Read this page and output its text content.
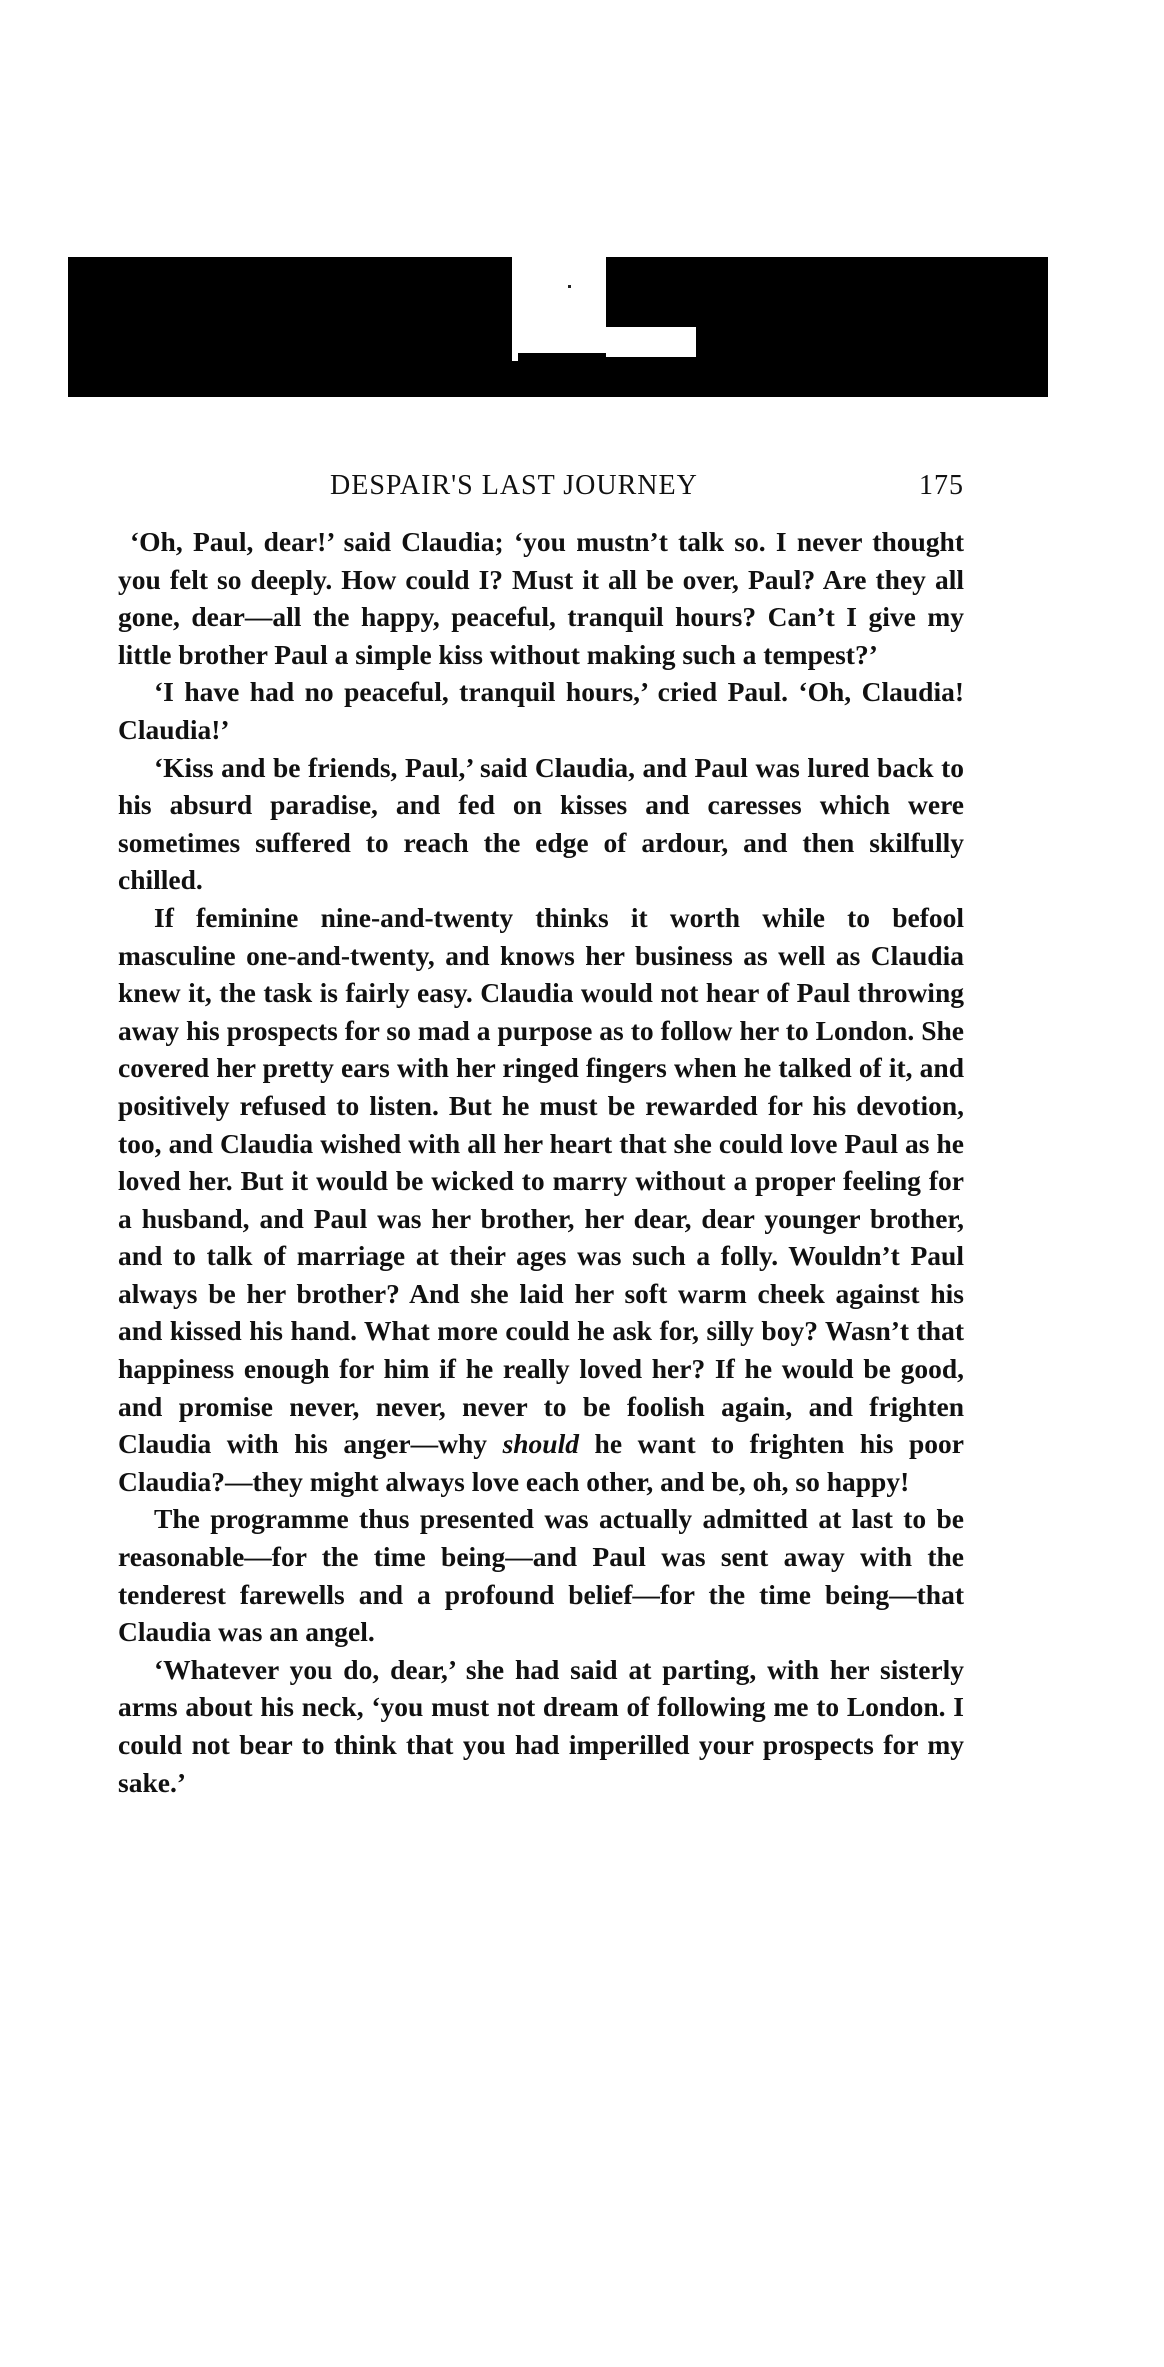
DESPAIR'S LAST JOURNEY	175

‘Oh, Paul, dear!’ said Claudia; ‘you mustn’t talk so. I never thought you felt so deeply. How could I? Must it all be over, Paul? Are they all gone, dear—all the happy, peaceful, tranquil hours? Can’t I give my little brother Paul a simple kiss without making such a tempest?’

‘I have had no peaceful, tranquil hours,’ cried Paul. ‘Oh, Claudia! Claudia!’

‘Kiss and be friends, Paul,’ said Claudia, and Paul was lured back to his absurd paradise, and fed on kisses and caresses which were sometimes suffered to reach the edge of ardour, and then skilfully chilled.

If feminine nine-and-twenty thinks it worth while to befool masculine one-and-twenty, and knows her business as well as Claudia knew it, the task is fairly easy. Claudia would not hear of Paul throwing away his prospects for so mad a purpose as to follow her to London. She covered her pretty ears with her ringed fingers when he talked of it, and positively refused to listen. But he must be rewarded for his devotion, too, and Claudia wished with all her heart that she could love Paul as he loved her. But it would be wicked to marry without a proper feeling for a husband, and Paul was her brother, her dear, dear younger brother, and to talk of marriage at their ages was such a folly. Wouldn’t Paul always be her brother? And she laid her soft warm cheek against his and kissed his hand. What more could he ask for, silly boy? Wasn’t that happiness enough for him if he really loved her? If he would be good, and promise never, never, never to be foolish again, and frighten Claudia with his anger—why should he want to frighten his poor Claudia?—they might always love each other, and be, oh, so happy!

The programme thus presented was actually admitted at last to be reasonable—for the time being—and Paul was sent away with the tenderest farewells and a profound belief—for the time being—that Claudia was an angel.

‘Whatever you do, dear,’ she had said at parting, with her sisterly arms about his neck, ‘you must not dream of following me to London. I could not bear to think that you had imperilled your prospects for my sake.’
